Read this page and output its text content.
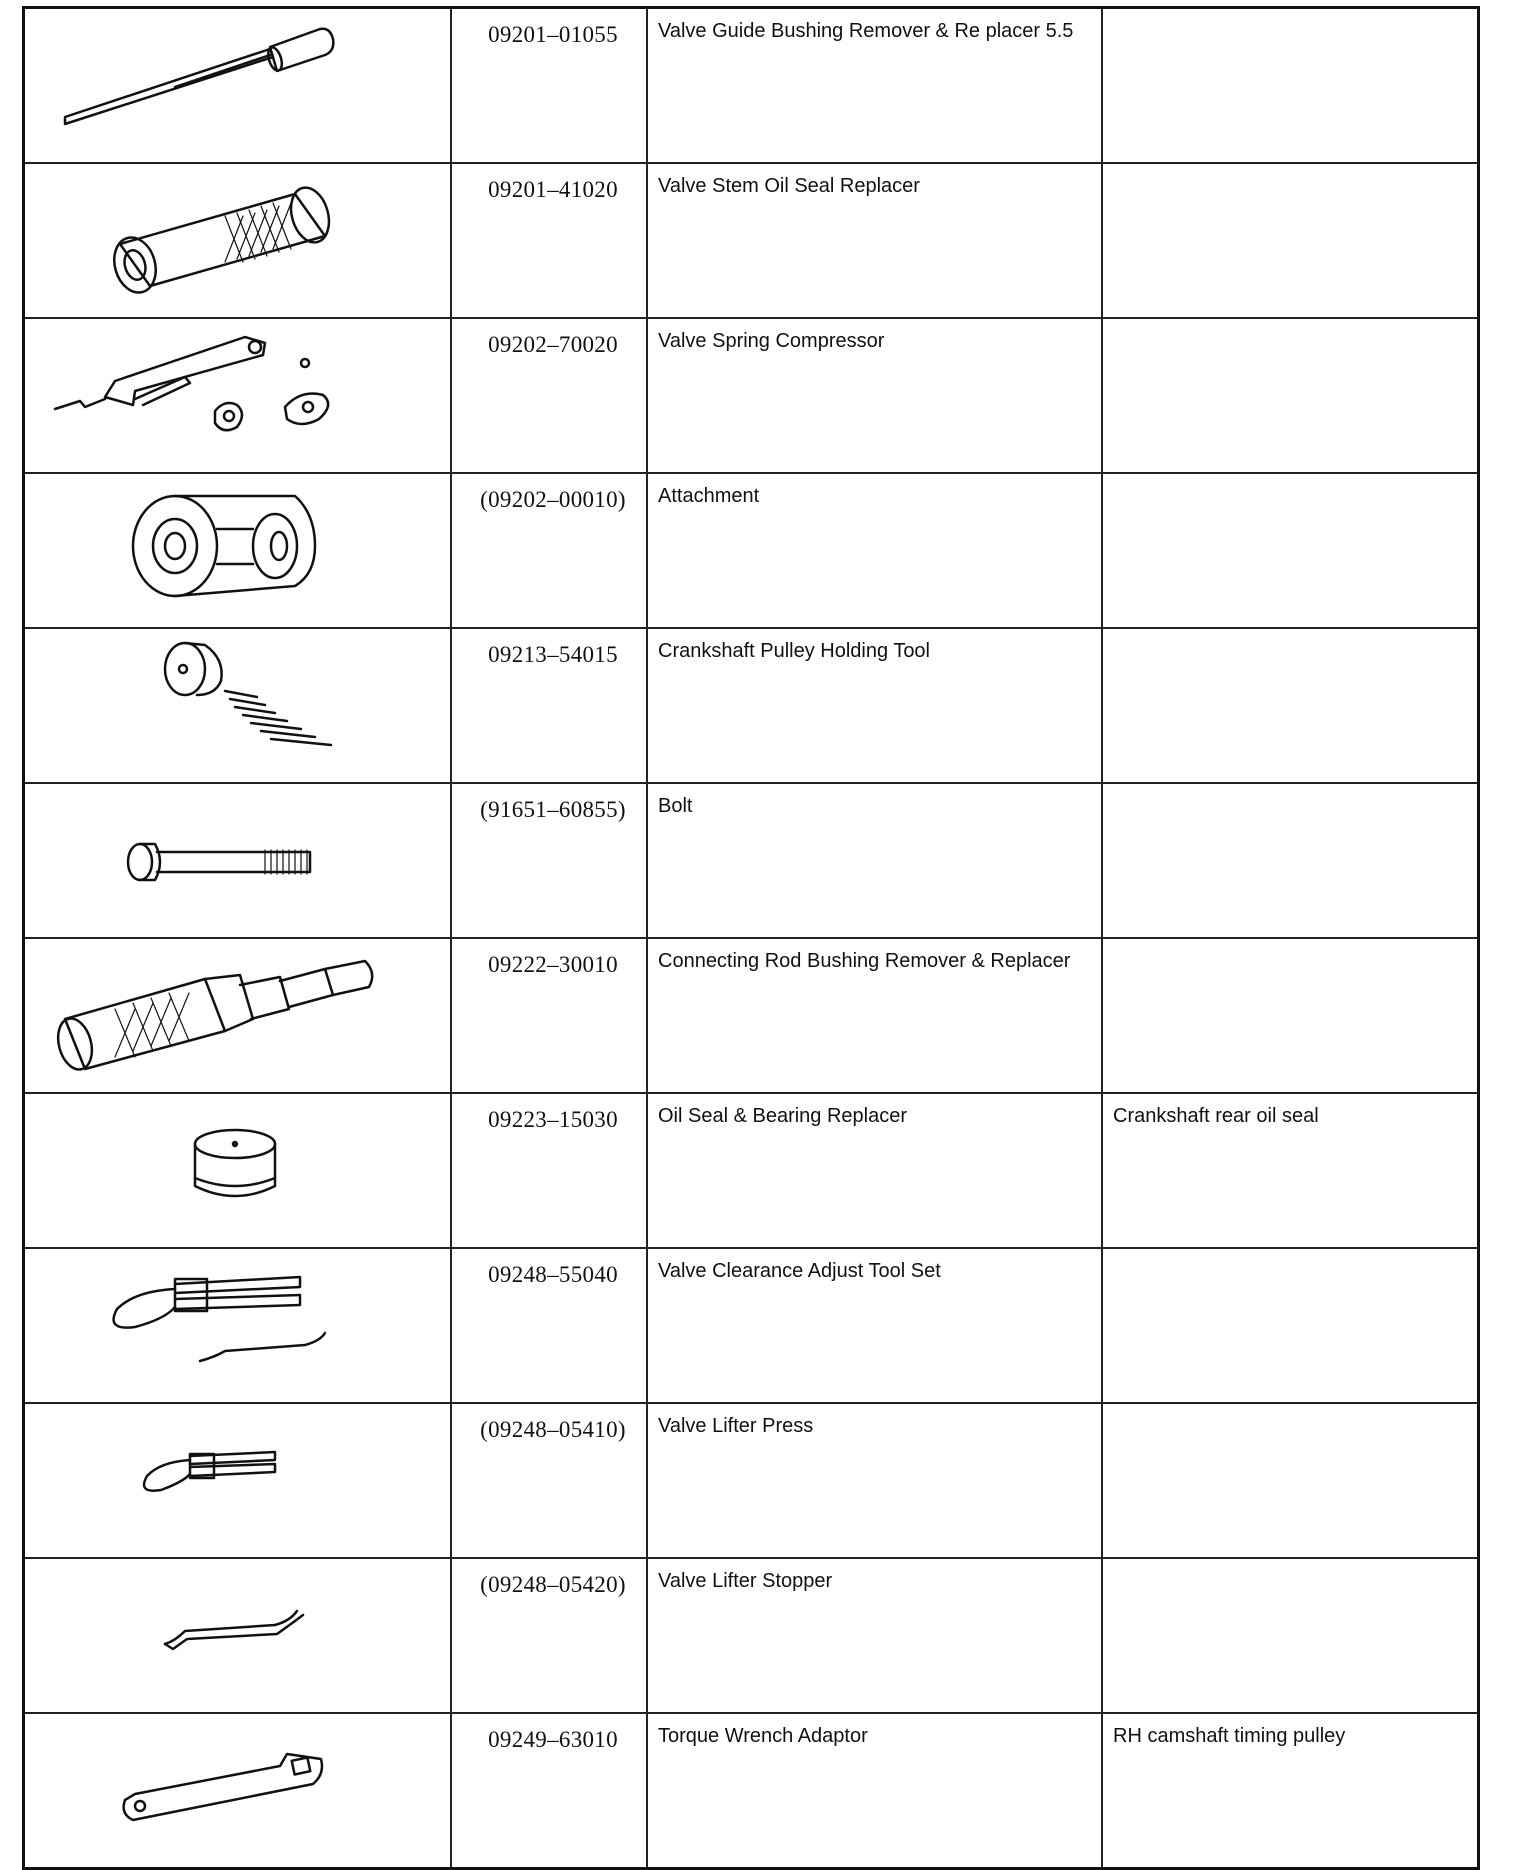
	09201–01055	Valve Guide Bushing Remover & Re placer 5.5	

	09201–41020	Valve Stem Oil Seal Replacer	

	09202–70020	Valve Spring Compressor	

	(09202–00010)	Attachment	

	09213–54015	Crankshaft Pulley Holding Tool	

	(91651–60855)	Bolt	

	09222–30010	Connecting Rod Bushing Remover & Replacer	

	09223–15030	Oil Seal & Bearing Replacer	Crankshaft rear oil seal

	09248–55040	Valve Clearance Adjust Tool Set	

	(09248–05410)	Valve Lifter Press	

	(09248–05420)	Valve Lifter Stopper	

	09249–63010	Torque Wrench Adaptor	RH camshaft timing pulley
